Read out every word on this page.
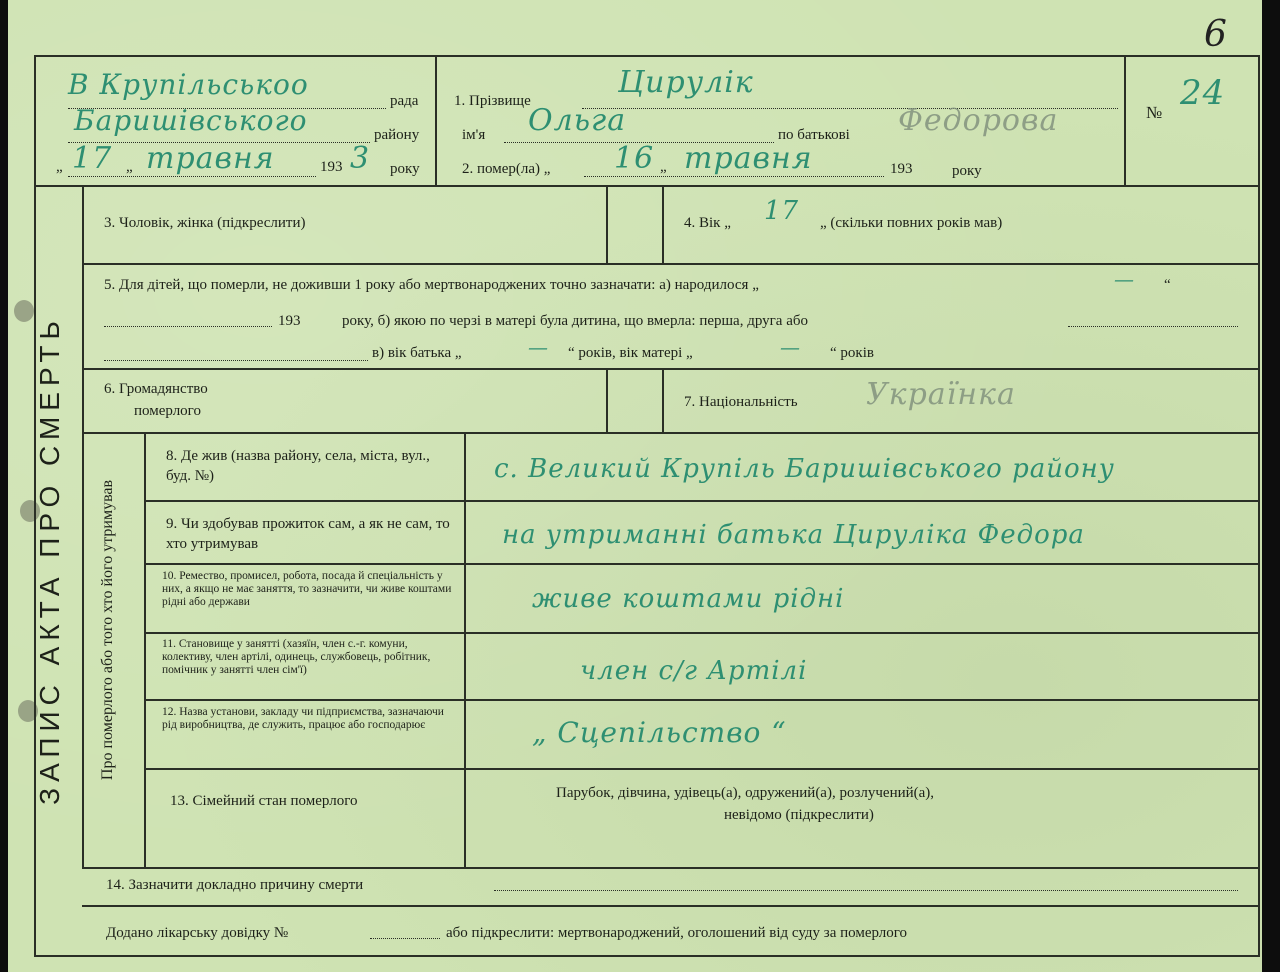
6
ЗАПИС АКТА ПРО СМЕРТЬ	Про померлого або того хто його утримував
В Крупільськоо	рада
Баришівського	району
„ 17 „ травня	193 3 року
1. Прізвище
Цирулік
ім'я Ольга	по батькові Федорова
2. помер(ла) „ 16 „ травня	193	року
№ 24
3. Чоловік, жінка (підкреслити)	4. Вік „ 17 „ (скільки повних років мав)
5. Для дітей, що померли, не доживши 1 року або мертвонароджених точно зазначати: а) народилося „	— “
193	року, б) якою по черзі в матері була дитина, що вмерла: перша, друга або
в) вік батька „	— “ років, вік матері „	— “ років
6. Громадянство
померлого
7. Національність Українка
8. Де жив (назва району, села, міста, вул., буд. №)	с. Великий Крупіль Баришівського району
9. Чи здобував прожиток сам, а як не сам, то хто утримував	на утриманні батька Цируліка Федора
10. Ремество, промисел, робота, посада й спеціальність у них, а якщо не має заняття, то зазначити, чи живе коштами рідні або держави	живе коштами рідні
11. Становище у занятті (хазяїн, член с.-г. комуни, колективу, член артілі, одинець, службовець, робітник, помічник у занятті член сім'ї)	член с/г Артілі
12. Назва установи, закладу чи підприємства, зазначаючи рід виробництва, де служить, працює або господарює	„ Сцепільство “
13. Сімейний стан померлого	Парубок, дівчина, удівець(а), одружений(а), розлучений(а),
невідомо (підкреслити)
14. Зазначити докладно причину смерти
Додано лікарську довідку №	або підкреслити: мертвонароджений, оголошений від суду за померлого
